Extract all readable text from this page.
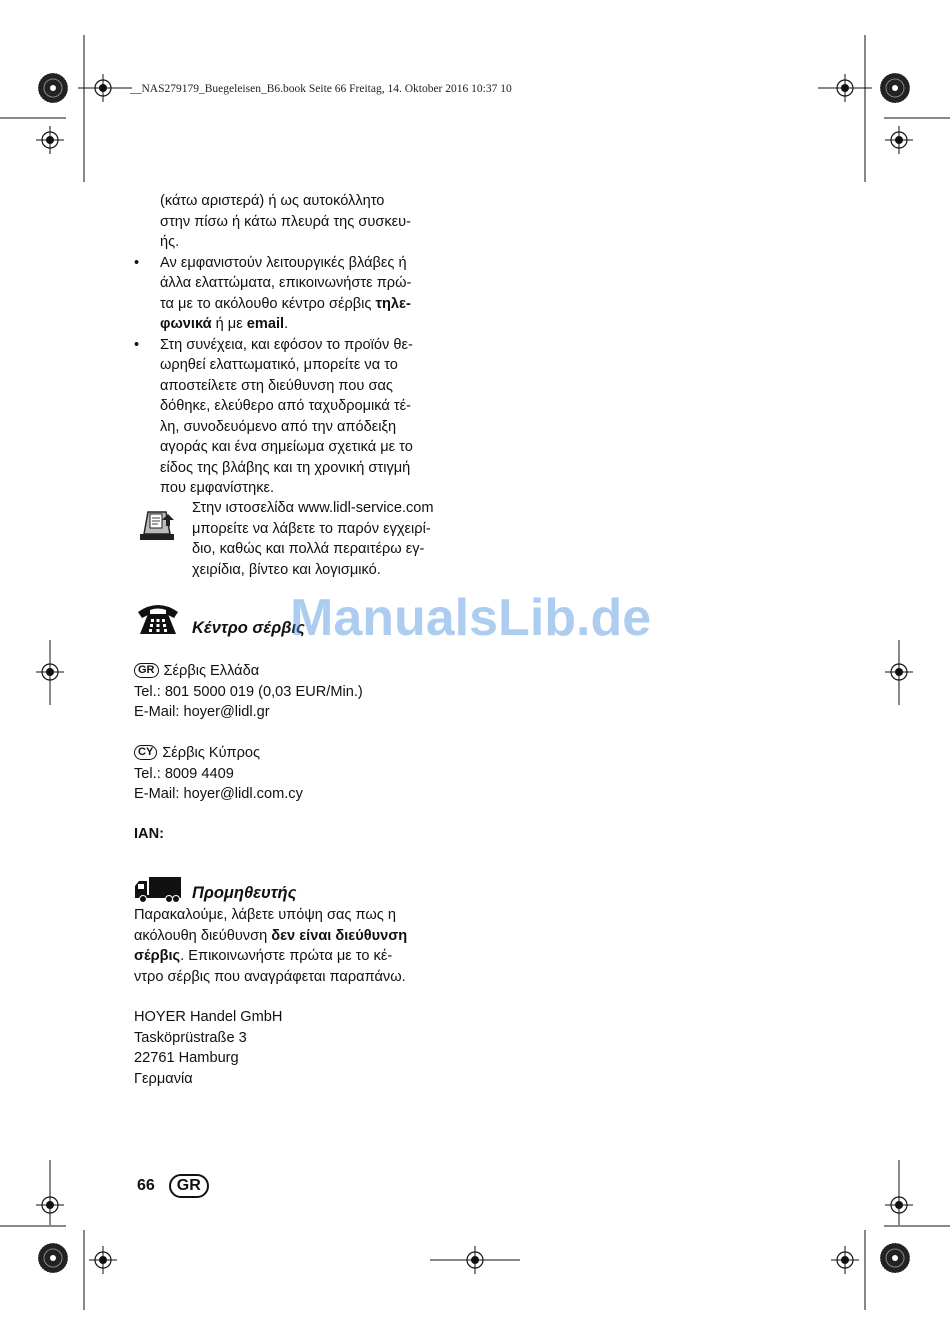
__NAS279179_Buegeleisen_B6.book Seite 66 Freitag, 14. Oktober 2016 10:37 10

(κάτω αριστερά) ή ως αυτοκόλλητο

στην πίσω ή κάτω πλευρά της συσκευ-

ής.

• Αν εμφανιστούν λειτουργικές βλάβες ή
άλλα ελαττώματα, επικοινωνήστε πρώ-
τα με το ακόλουθο κέντρο σέρβις τηλε-
φωνικά ή με email.
• Στη συνέχεια, και εφόσον το προϊόν θε-
ωρηθεί ελαττωματικό, μπορείτε να το
αποστείλετε στη διεύθυνση που σας
δόθηκε, ελεύθερο από ταχυδρομικά τέ-
λη, συνοδευόμενο από την απόδειξη
αγοράς και ένα σημείωμα σχετικά με το
είδος της βλάβης και τη χρονική στιγμή
που εμφανίστηκε.
Στην ιστοσελίδα www.lidl-service.com
μπορείτε να λάβετε το παρόν εγχειρί-
διο, καθώς και πολλά περαιτέρω εγ-
χειρίδια, βίντεο και λογισμικό.
Κέντρο σέρβις
ManualsLib.de
GR Σέρβις Ελλάδα
Tel.: 801 5000 019 (0,03 EUR/Min.)
E-Mail: hoyer@lidl.gr
CY Σέρβις Κύπρος
Tel.: 8009 4409
E-Mail: hoyer@lidl.com.cy
IAN:
Προμηθευτής
Παρακαλούμε, λάβετε υπόψη σας πως η
ακόλουθη διεύθυνση δεν είναι διεύθυνση
σέρβις. Επικοινωνήστε πρώτα με το κέ-
ντρο σέρβις που αναγράφεται παραπάνω.
HOYER Handel GmbH
Tasköprüstraße 3
22761 Hamburg
Γερμανία
66 GR
